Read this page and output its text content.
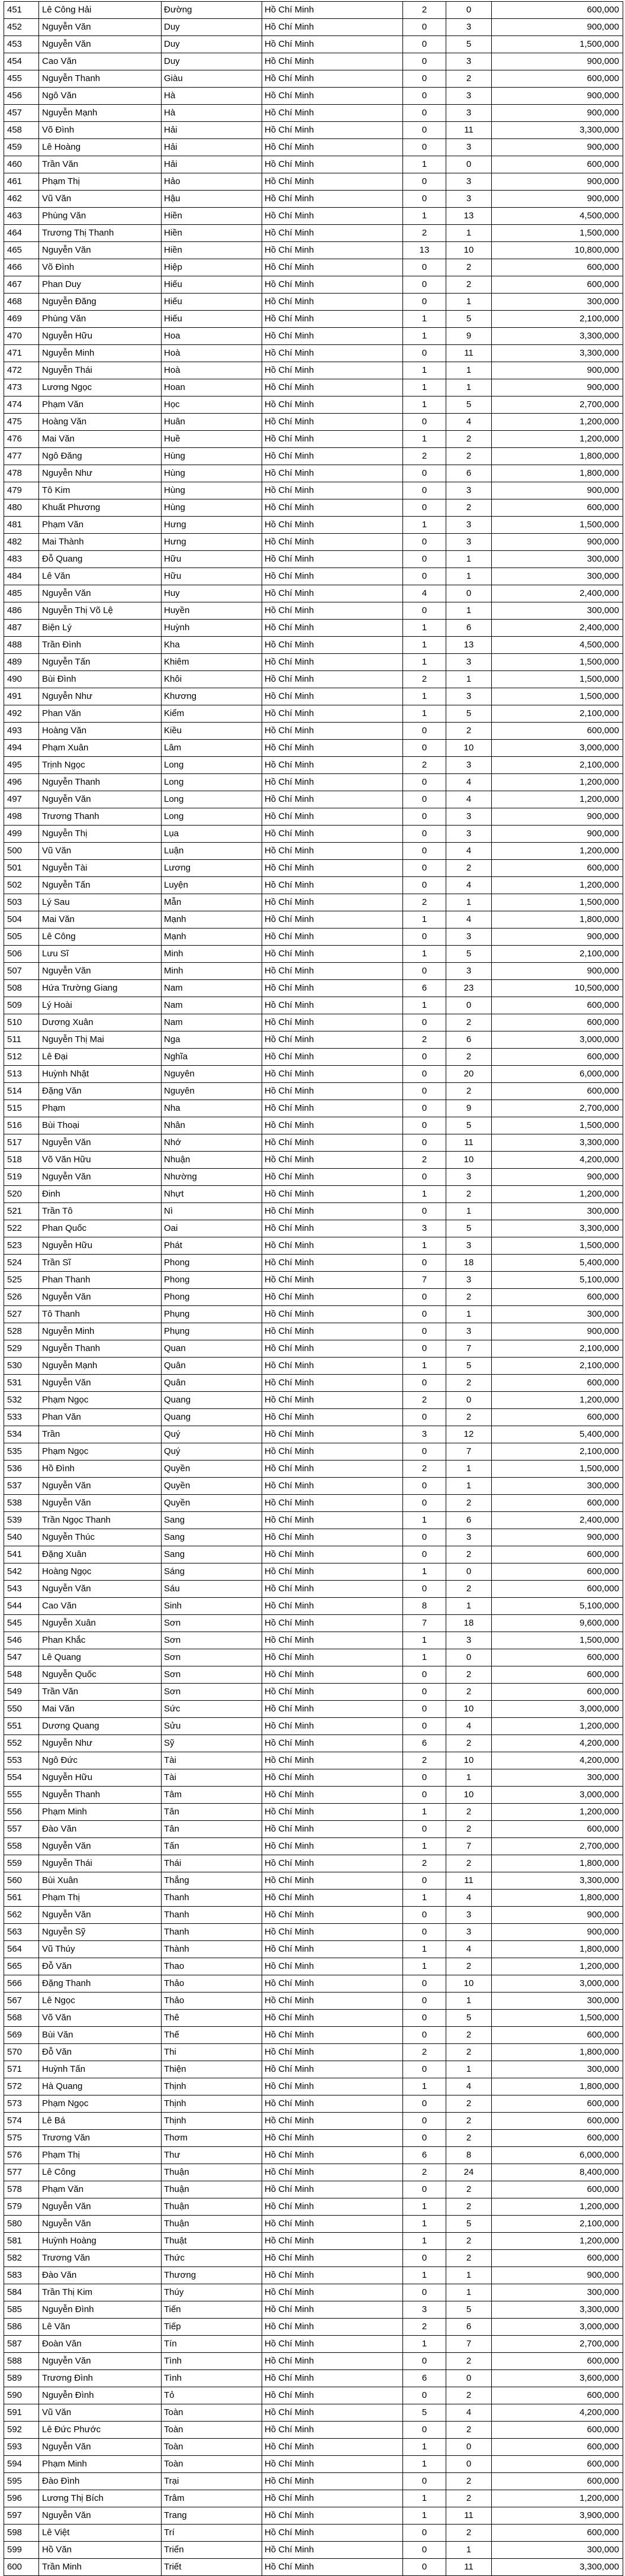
451	Lê Công Hải	Đường	Hồ Chí Minh	2	0	600,000
452	Nguyễn Văn	Duy	Hồ Chí Minh	0	3	900,000
453	Nguyễn Văn	Duy	Hồ Chí Minh	0	5	1,500,000
454	Cao Văn	Duy	Hồ Chí Minh	0	3	900,000
455	Nguyễn Thanh	Giàu	Hồ Chí Minh	0	2	600,000
456	Ngô Văn	Hà	Hồ Chí Minh	0	3	900,000
457	Nguyễn Mạnh	Hà	Hồ Chí Minh	0	3	900,000
458	Võ Đình	Hải	Hồ Chí Minh	0	11	3,300,000
459	Lê Hoàng	Hải	Hồ Chí Minh	0	3	900,000
460	Trần Văn	Hải	Hồ Chí Minh	1	0	600,000
461	Phạm Thị	Hảo	Hồ Chí Minh	0	3	900,000
462	Vũ Văn	Hậu	Hồ Chí Minh	0	3	900,000
463	Phùng Văn	Hiền	Hồ Chí Minh	1	13	4,500,000
464	Trương Thị Thanh	Hiền	Hồ Chí Minh	2	1	1,500,000
465	Nguyễn Văn	Hiền	Hồ Chí Minh	13	10	10,800,000
466	Võ Đình	Hiệp	Hồ Chí Minh	0	2	600,000
467	Phan Duy	Hiếu	Hồ Chí Minh	0	2	600,000
468	Nguyễn Đăng	Hiếu	Hồ Chí Minh	0	1	300,000
469	Phùng Văn	Hiếu	Hồ Chí Minh	1	5	2,100,000
470	Nguyễn Hữu	Hoa	Hồ Chí Minh	1	9	3,300,000
471	Nguyễn Minh	Hoà	Hồ Chí Minh	0	11	3,300,000
472	Nguyễn Thái	Hoà	Hồ Chí Minh	1	1	900,000
473	Lương Ngọc	Hoan	Hồ Chí Minh	1	1	900,000
474	Phạm Văn	Học	Hồ Chí Minh	1	5	2,700,000
475	Hoàng Văn	Huân	Hồ Chí Minh	0	4	1,200,000
476	Mai Văn	Huề	Hồ Chí Minh	1	2	1,200,000
477	Ngô Đăng	Hùng	Hồ Chí Minh	2	2	1,800,000
478	Nguyễn Như	Hùng	Hồ Chí Minh	0	6	1,800,000
479	Tô Kim	Hùng	Hồ Chí Minh	0	3	900,000
480	Khuất Phương	Hùng	Hồ Chí Minh	0	2	600,000
481	Phạm Văn	Hưng	Hồ Chí Minh	1	3	1,500,000
482	Mai Thành	Hưng	Hồ Chí Minh	0	3	900,000
483	Đỗ Quang	Hữu	Hồ Chí Minh	0	1	300,000
484	Lê Văn	Hữu	Hồ Chí Minh	0	1	300,000
485	Nguyễn Văn	Huy	Hồ Chí Minh	4	0	2,400,000
486	Nguyễn Thị Võ Lệ	Huyền	Hồ Chí Minh	0	1	300,000
487	Biện Lý	Huỳnh	Hồ Chí Minh	1	6	2,400,000
488	Trần Đình	Kha	Hồ Chí Minh	1	13	4,500,000
489	Nguyễn Tấn	Khiêm	Hồ Chí Minh	1	3	1,500,000
490	Bùi Đình	Khôi	Hồ Chí Minh	2	1	1,500,000
491	Nguyễn Như	Khương	Hồ Chí Minh	1	3	1,500,000
492	Phan Văn	Kiểm	Hồ Chí Minh	1	5	2,100,000
493	Hoàng Văn	Kiều	Hồ Chí Minh	0	2	600,000
494	Phạm Xuân	Lâm	Hồ Chí Minh	0	10	3,000,000
495	Trịnh Ngọc	Long	Hồ Chí Minh	2	3	2,100,000
496	Nguyễn Thanh	Long	Hồ Chí Minh	0	4	1,200,000
497	Nguyễn Văn	Long	Hồ Chí Minh	0	4	1,200,000
498	Trương Thanh	Long	Hồ Chí Minh	0	3	900,000
499	Nguyễn Thị	Lụa	Hồ Chí Minh	0	3	900,000
500	Vũ Văn	Luận	Hồ Chí Minh	0	4	1,200,000
501	Nguyễn Tài	Lương	Hồ Chí Minh	0	2	600,000
502	Nguyễn Tấn	Luyện	Hồ Chí Minh	0	4	1,200,000
503	Lý Sau	Mẫn	Hồ Chí Minh	2	1	1,500,000
504	Mai Văn	Mạnh	Hồ Chí Minh	1	4	1,800,000
505	Lê Công	Mạnh	Hồ Chí Minh	0	3	900,000
506	Lưu Sĩ	Minh	Hồ Chí Minh	1	5	2,100,000
507	Nguyễn Văn	Minh	Hồ Chí Minh	0	3	900,000
508	Hứa Trường Giang	Nam	Hồ Chí Minh	6	23	10,500,000
509	Lý Hoài	Nam	Hồ Chí Minh	1	0	600,000
510	Dương Xuân	Nam	Hồ Chí Minh	0	2	600,000
511	Nguyễn Thị Mai	Nga	Hồ Chí Minh	2	6	3,000,000
512	Lê Đại	Nghĩa	Hồ Chí Minh	0	2	600,000
513	Huỳnh Nhật	Nguyên	Hồ Chí Minh	0	20	6,000,000
514	Đặng Văn	Nguyên	Hồ Chí Minh	0	2	600,000
515	Phạm	Nha	Hồ Chí Minh	0	9	2,700,000
516	Bùi Thoại	Nhân	Hồ Chí Minh	0	5	1,500,000
517	Nguyễn Văn	Nhớ	Hồ Chí Minh	0	11	3,300,000
518	Võ Văn Hữu	Nhuận	Hồ Chí Minh	2	10	4,200,000
519	Nguyễn Văn	Nhường	Hồ Chí Minh	0	3	900,000
520	Đinh	Nhựt	Hồ Chí Minh	1	2	1,200,000
521	Trần Tô	Nì	Hồ Chí Minh	0	1	300,000
522	Phan Quốc	Oai	Hồ Chí Minh	3	5	3,300,000
523	Nguyễn Hữu	Phát	Hồ Chí Minh	1	3	1,500,000
524	Trần Sĩ	Phong	Hồ Chí Minh	0	18	5,400,000
525	Phan Thanh	Phong	Hồ Chí Minh	7	3	5,100,000
526	Nguyễn Văn	Phong	Hồ Chí Minh	0	2	600,000
527	Tô Thanh	Phụng	Hồ Chí Minh	0	1	300,000
528	Nguyễn Minh	Phụng	Hồ Chí Minh	0	3	900,000
529	Nguyễn Thanh	Quan	Hồ Chí Minh	0	7	2,100,000
530	Nguyễn Mạnh	Quân	Hồ Chí Minh	1	5	2,100,000
531	Nguyễn Văn	Quân	Hồ Chí Minh	0	2	600,000
532	Phạm Ngọc	Quang	Hồ Chí Minh	2	0	1,200,000
533	Phan Văn	Quang	Hồ Chí Minh	0	2	600,000
534	Trần	Quý	Hồ Chí Minh	3	12	5,400,000
535	Phạm Ngọc	Quý	Hồ Chí Minh	0	7	2,100,000
536	Hồ Đình	Quyền	Hồ Chí Minh	2	1	1,500,000
537	Nguyễn Văn	Quyền	Hồ Chí Minh	0	1	300,000
538	Nguyễn Văn	Quyền	Hồ Chí Minh	0	2	600,000
539	Trần Ngọc Thanh	Sang	Hồ Chí Minh	1	6	2,400,000
540	Nguyễn Thúc	Sang	Hồ Chí Minh	0	3	900,000
541	Đặng Xuân	Sang	Hồ Chí Minh	0	2	600,000
542	Hoàng Ngọc	Sáng	Hồ Chí Minh	1	0	600,000
543	Nguyễn Văn	Sáu	Hồ Chí Minh	0	2	600,000
544	Cao Văn	Sinh	Hồ Chí Minh	8	1	5,100,000
545	Nguyễn Xuân	Sơn	Hồ Chí Minh	7	18	9,600,000
546	Phan Khắc	Sơn	Hồ Chí Minh	1	3	1,500,000
547	Lê Quang	Sơn	Hồ Chí Minh	1	0	600,000
548	Nguyễn Quốc	Sơn	Hồ Chí Minh	0	2	600,000
549	Trần Văn	Sơn	Hồ Chí Minh	0	2	600,000
550	Mai Văn	Sức	Hồ Chí Minh	0	10	3,000,000
551	Dương Quang	Sửu	Hồ Chí Minh	0	4	1,200,000
552	Nguyễn Như	Sỹ	Hồ Chí Minh	6	2	4,200,000
553	Ngô Đức	Tài	Hồ Chí Minh	2	10	4,200,000
554	Nguyễn Hữu	Tài	Hồ Chí Minh	0	1	300,000
555	Nguyễn Thanh	Tâm	Hồ Chí Minh	0	10	3,000,000
556	Phạm Minh	Tân	Hồ Chí Minh	1	2	1,200,000
557	Đào Văn	Tân	Hồ Chí Minh	0	2	600,000
558	Nguyễn Văn	Tấn	Hồ Chí Minh	1	7	2,700,000
559	Nguyễn Thái	Thái	Hồ Chí Minh	2	2	1,800,000
560	Bùi Xuân	Thắng	Hồ Chí Minh	0	11	3,300,000
561	Phạm Thị	Thanh	Hồ Chí Minh	1	4	1,800,000
562	Nguyễn Văn	Thanh	Hồ Chí Minh	0	3	900,000
563	Nguyễn Sỹ	Thanh	Hồ Chí Minh	0	3	900,000
564	Vũ Thúy	Thành	Hồ Chí Minh	1	4	1,800,000
565	Đỗ Văn	Thao	Hồ Chí Minh	1	2	1,200,000
566	Đặng Thanh	Thảo	Hồ Chí Minh	0	10	3,000,000
567	Lê Ngọc	Thảo	Hồ Chí Minh	0	1	300,000
568	Võ Văn	Thê	Hồ Chí Minh	0	5	1,500,000
569	Bùi Văn	Thế	Hồ Chí Minh	0	2	600,000
570	Đỗ Văn	Thi	Hồ Chí Minh	2	2	1,800,000
571	Huỳnh Tấn	Thiện	Hồ Chí Minh	0	1	300,000
572	Hà Quang	Thịnh	Hồ Chí Minh	1	4	1,800,000
573	Phạm Ngọc	Thịnh	Hồ Chí Minh	0	2	600,000
574	Lê Bá	Thịnh	Hồ Chí Minh	0	2	600,000
575	Trương Văn	Thơm	Hồ Chí Minh	0	2	600,000
576	Phạm Thị	Thư	Hồ Chí Minh	6	8	6,000,000
577	Lê Công	Thuận	Hồ Chí Minh	2	24	8,400,000
578	Phạm Văn	Thuận	Hồ Chí Minh	0	2	600,000
579	Nguyễn Văn	Thuận	Hồ Chí Minh	1	2	1,200,000
580	Nguyễn Văn	Thuận	Hồ Chí Minh	1	5	2,100,000
581	Huỳnh Hoàng	Thuật	Hồ Chí Minh	1	2	1,200,000
582	Trương Văn	Thức	Hồ Chí Minh	0	2	600,000
583	Đào Văn	Thương	Hồ Chí Minh	1	1	900,000
584	Trần Thị Kim	Thúy	Hồ Chí Minh	0	1	300,000
585	Nguyễn Đình	Tiến	Hồ Chí Minh	3	5	3,300,000
586	Lê Văn	Tiếp	Hồ Chí Minh	2	6	3,000,000
587	Đoàn Văn	Tín	Hồ Chí Minh	1	7	2,700,000
588	Nguyễn Văn	Tình	Hồ Chí Minh	0	2	600,000
589	Trương Đình	Tình	Hồ Chí Minh	6	0	3,600,000
590	Nguyễn Đình	Tỏ	Hồ Chí Minh	0	2	600,000
591	Vũ Văn	Toàn	Hồ Chí Minh	5	4	4,200,000
592	Lê Đức Phước	Toàn	Hồ Chí Minh	0	2	600,000
593	Nguyễn Văn	Toàn	Hồ Chí Minh	1	0	600,000
594	Phạm Minh	Toàn	Hồ Chí Minh	1	0	600,000
595	Đào Đình	Trại	Hồ Chí Minh	0	2	600,000
596	Lương Thị Bích	Trâm	Hồ Chí Minh	1	2	1,200,000
597	Nguyễn Văn	Trang	Hồ Chí Minh	1	11	3,900,000
598	Lê Việt	Trí	Hồ Chí Minh	0	2	600,000
599	Hồ Văn	Triển	Hồ Chí Minh	0	1	300,000
600	Trần Minh	Triết	Hồ Chí Minh	0	11	3,300,000
